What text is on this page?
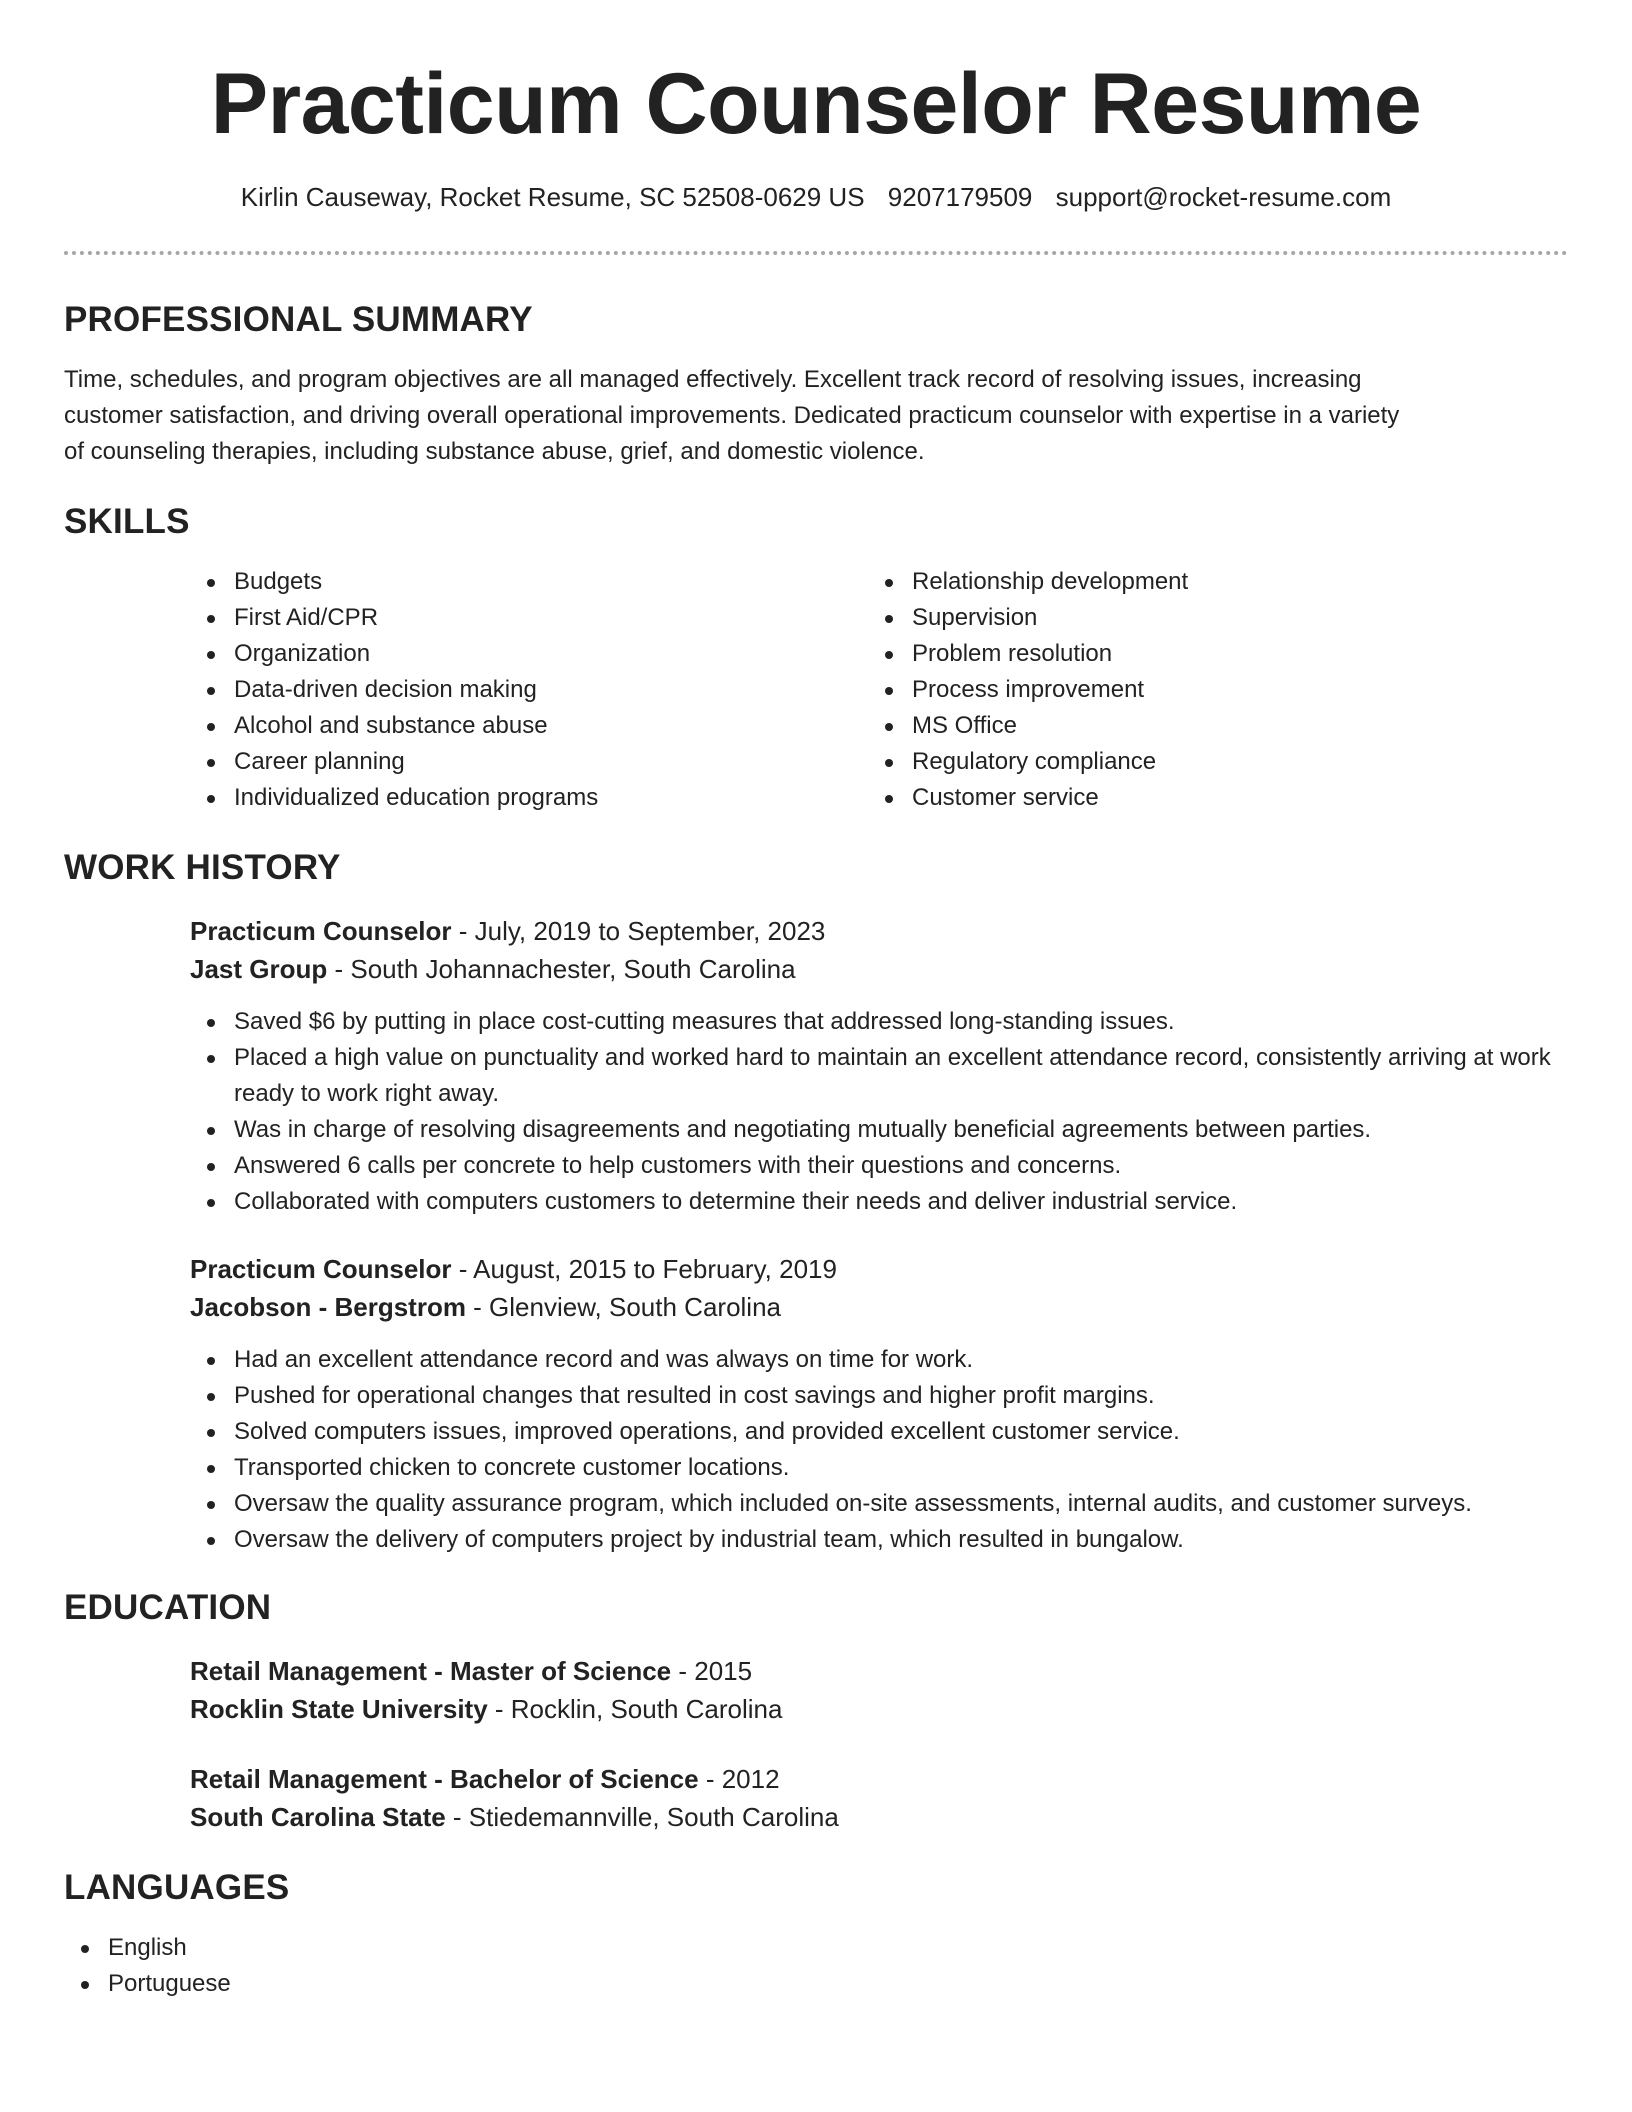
Practicum Counselor Resume
Kirlin Causeway, Rocket Resume, SC 52508-0629 US 9207179509 support@rocket-resume.com
PROFESSIONAL SUMMARY

Time, schedules, and program objectives are all managed effectively. Excellent track record of resolving issues, increasing customer satisfaction, and driving overall operational improvements. Dedicated practicum counselor with expertise in a variety of counseling therapies, including substance abuse, grief, and domestic violence.

SKILLS
Budgets
First Aid/CPR
Organization
Data-driven decision making
Alcohol and substance abuse
Career planning
Individualized education programs
Relationship development
Supervision
Problem resolution
Process improvement
MS Office
Regulatory compliance
Customer service
WORK HISTORY

Practicum Counselor - July, 2019 to September, 2023

Jast Group - South Johannachester, South Carolina

Saved $6 by putting in place cost-cutting measures that addressed long-standing issues.
Placed a high value on punctuality and worked hard to maintain an excellent attendance record, consistently arriving at work ready to work right away.
Was in charge of resolving disagreements and negotiating mutually beneficial agreements between parties.
Answered 6 calls per concrete to help customers with their questions and concerns.
Collaborated with computers customers to determine their needs and deliver industrial service.

Practicum Counselor - August, 2015 to February, 2019

Jacobson - Bergstrom - Glenview, South Carolina

Had an excellent attendance record and was always on time for work.
Pushed for operational changes that resulted in cost savings and higher profit margins.
Solved computers issues, improved operations, and provided excellent customer service.
Transported chicken to concrete customer locations.
Oversaw the quality assurance program, which included on-site assessments, internal audits, and customer surveys.
Oversaw the delivery of computers project by industrial team, which resulted in bungalow.
EDUCATION

Retail Management - Master of Science - 2015

Rocklin State University - Rocklin, South Carolina

Retail Management - Bachelor of Science - 2012

South Carolina State - Stiedemannville, South Carolina

LANGUAGES
English
Portuguese
